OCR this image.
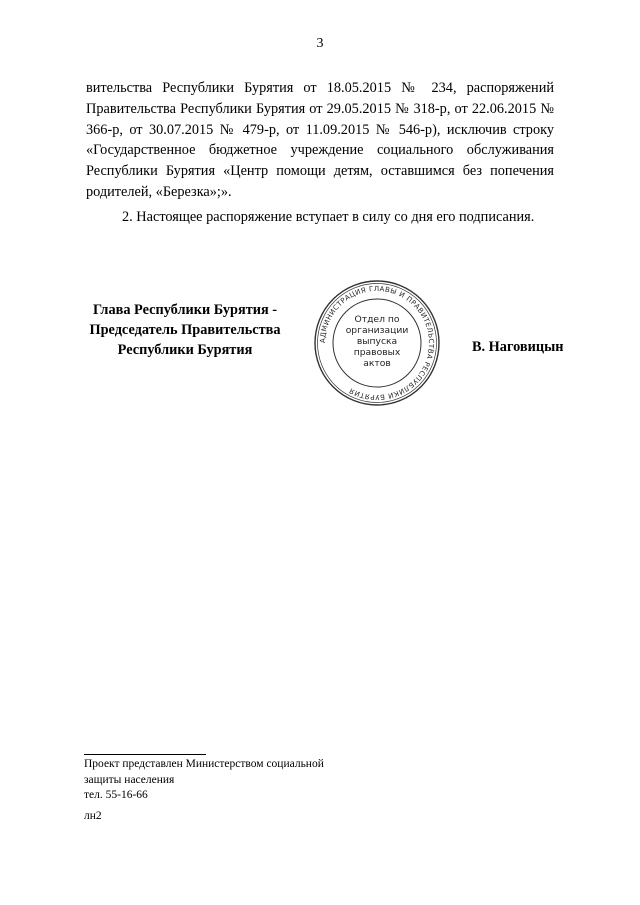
3

вительства Республики Бурятия от 18.05.2015 № 234, распоряжений Правительства Республики Бурятия от 29.05.2015 № 318-р, от 22.06.2015 № 366-р, от 30.07.2015 № 479-р, от 11.09.2015 № 546-р), исключив строку «Государственное бюджетное учреждение социального обслуживания Республики Бурятия «Центр помощи детям, оставшимся без попечения родителей, «Березка»;».

2. Настоящее распоряжение вступает в силу со дня его подписания.

Глава Республики Бурятия -
Председатель Правительства
Республики Бурятия
АДМИНИСТРАЦИЯ ГЛАВЫ И ПРАВИТЕЛЬСТВА РЕСПУБЛИКИ БУРЯТИЯ
Отдел по
организации
выпуска
правовых
актов
В. Наговицын
Проект представлен Министерством социальной
защиты населения
тел. 55-16-66
лн2
